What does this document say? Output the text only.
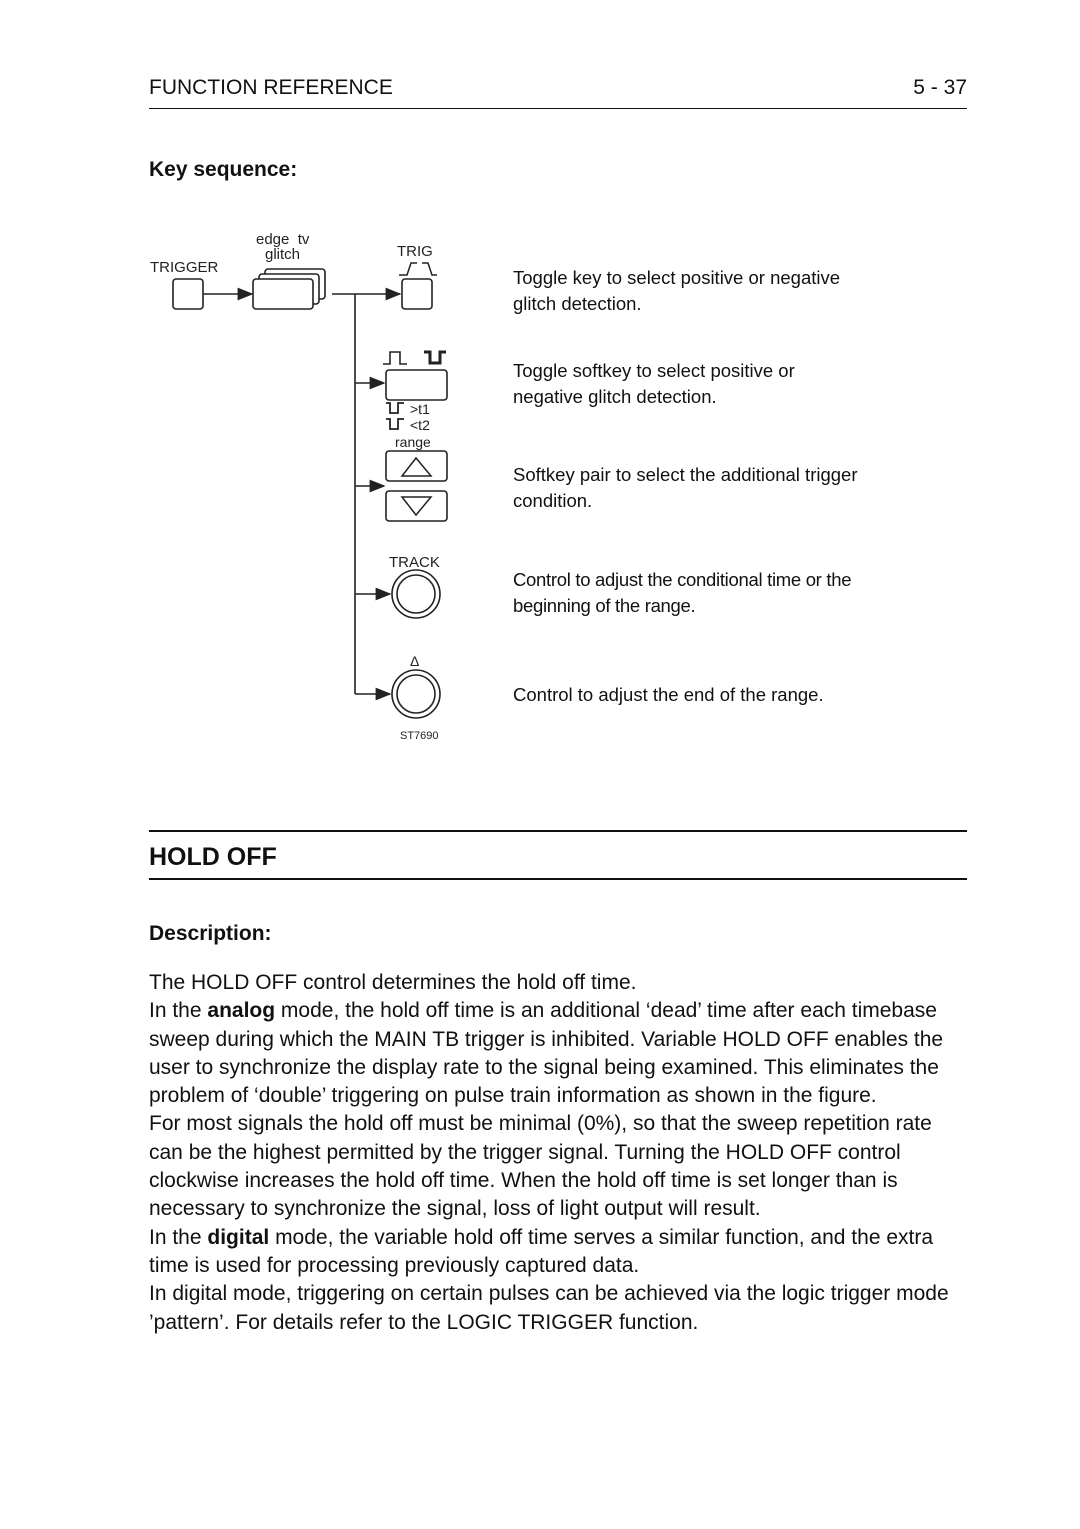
FUNCTION REFERENCE	5 - 37
Key sequence:
TRIGGER
edge  tv
glitch	TRIG
>t1
<t2
range
TRACK
Δ
ST7690
Toggle key to select positive or negative
glitch detection.
Toggle softkey to select positive or
negative glitch detection.
Softkey pair to select the additional trigger
condition.
Control to adjust the conditional time or the
beginning of the range.
Control to adjust the end of the range.
HOLD OFF
Description:

The HOLD OFF control determines the hold off time.

In the analog mode, the hold off time is an additional ‘dead’ time after each timebase sweep during which the MAIN TB trigger is inhibited. Variable HOLD OFF enables the user to synchronize the display rate to the signal being examined. This eliminates the problem of ‘double’ triggering on pulse train information as shown in the figure.

For most signals the hold off must be minimal (0%), so that the sweep repetition rate can be the highest permitted by the trigger signal. Turning the HOLD OFF control clockwise increases the hold off time. When the hold off time is set longer than is necessary to synchronize the signal, loss of light output will result.

In the digital mode, the variable hold off time serves a similar function, and the extra time is used for processing previously captured data.

In digital mode, triggering on certain pulses can be achieved via the logic trigger mode ’pattern’. For details refer to the LOGIC TRIGGER function.
